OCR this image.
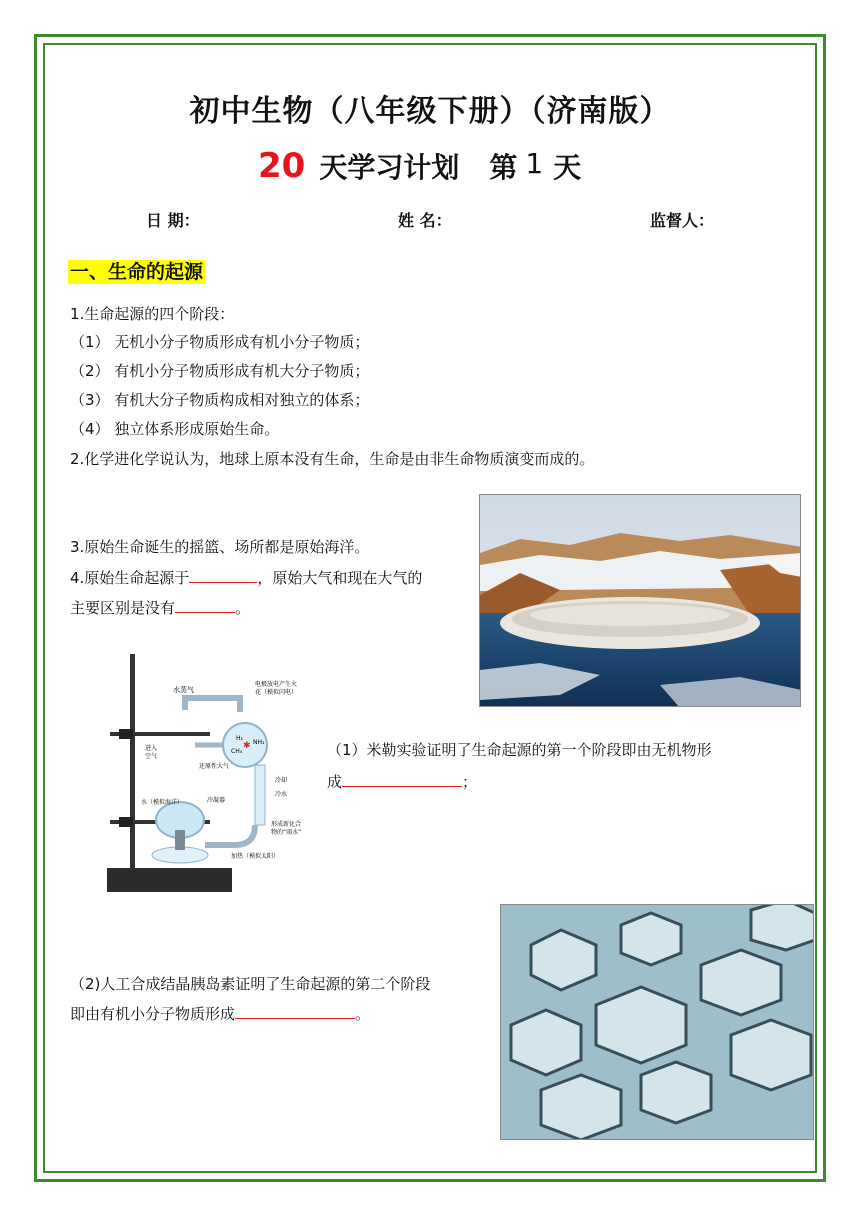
初中生物（八年级下册）（济南版）
20 天学习计划 第 1 天
日 期：	姓 名：	监督人：
一、生命的起源
1.生命起源的四个阶段：
（1） 无机小分子物质形成有机小分子物质；
（2） 有机小分子物质形成有机大分子物质；
（3） 有机大分子物质构成相对独立的体系；
（4） 独立体系形成原始生命。
2.化学进化学说认为，地球上原本没有生命，生命是由非生命物质演变而成的。
3.原始生命诞生的摇篮、场所都是原始海洋。
4.原始生命起源于	，原始大气和现在大气的
主要区别是没有	。
✱
H₂
NH₃
CH₄
水蒸气
电极放电产生火
花（模拟闪电）
进入
空气
还原性大气
冷却
冷水
水（模拟海洋）	冷凝器
形成新化合
物的“雨水”
加热（模拟太阳）
（1）米勒实验证明了生命起源的第一个阶段即由无机物形
成	；
（2)人工合成结晶胰岛素证明了生命起源的第二个阶段
即由有机小分子物质形成	。
